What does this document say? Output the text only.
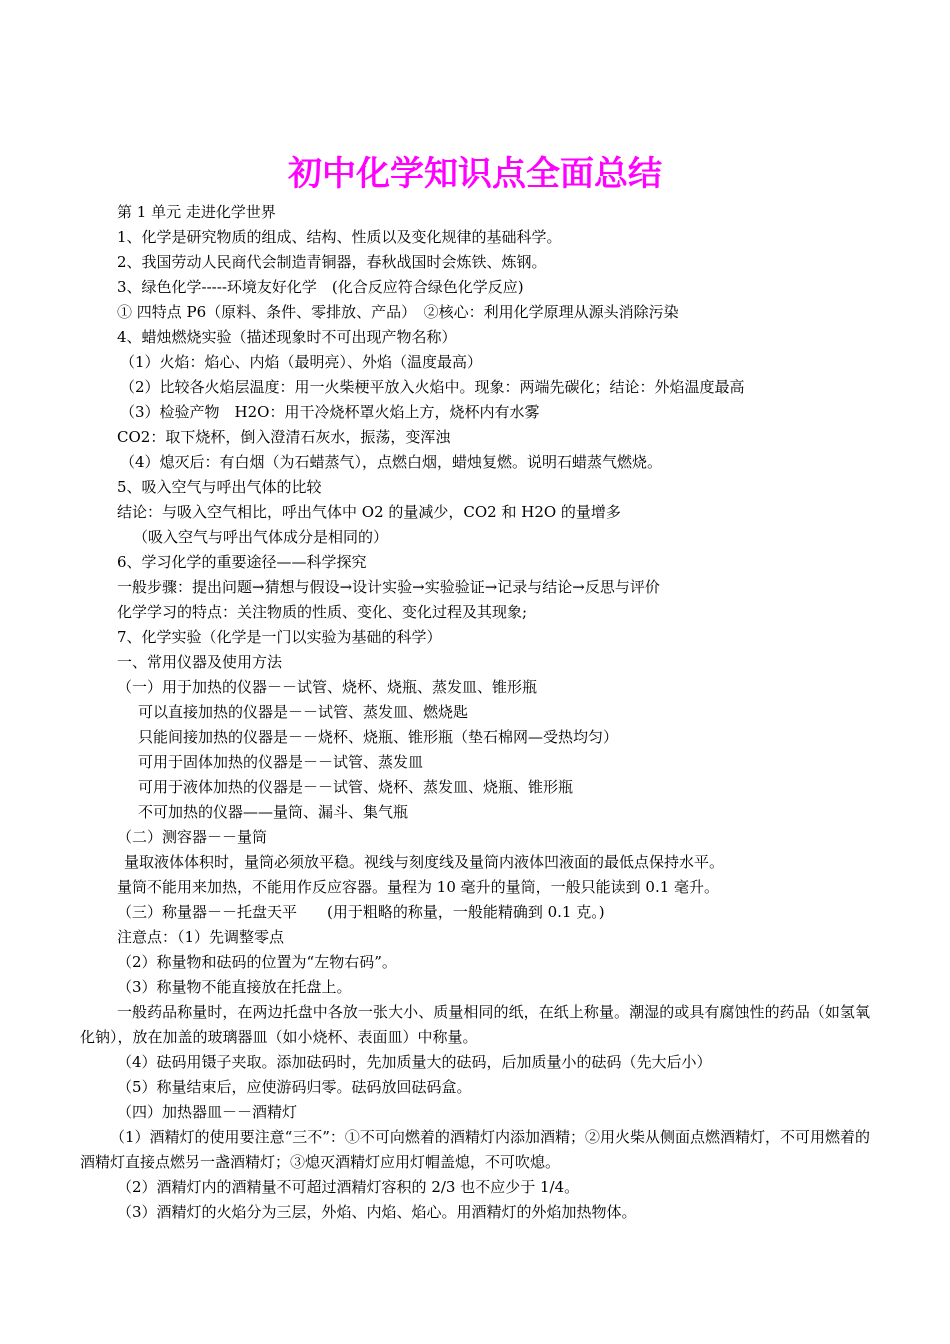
初中化学知识点全面总结
第 1 单元 走进化学世界
1、化学是研究物质的组成、结构、性质以及变化规律的基础科学。
2、我国劳动人民商代会制造青铜器，春秋战国时会炼铁、炼钢。
3、绿色化学-----环境友好化学　(化合反应符合绿色化学反应)
① 四特点 P6（原料、条件、零排放、产品）　②核心：利用化学原理从源头消除污染
4、蜡烛燃烧实验（描述现象时不可出现产物名称）
（1）火焰：焰心、内焰（最明亮）、外焰（温度最高）
（2）比较各火焰层温度：用一火柴梗平放入火焰中。现象：两端先碳化；结论：外焰温度最高
（3）检验产物　H2O：用干冷烧杯罩火焰上方，烧杯内有水雾
CO2：取下烧杯，倒入澄清石灰水，振荡，变浑浊
（4）熄灭后：有白烟（为石蜡蒸气），点燃白烟，蜡烛复燃。说明石蜡蒸气燃烧。
5、吸入空气与呼出气体的比较
结论：与吸入空气相比，呼出气体中 O2 的量减少，CO2 和 H2O 的量增多
（吸入空气与呼出气体成分是相同的）
6、学习化学的重要途径——科学探究
一般步骤：提出问题→猜想与假设→设计实验→实验验证→记录与结论→反思与评价
化学学习的特点：关注物质的性质、变化、变化过程及其现象;
7、化学实验（化学是一门以实验为基础的科学）
一、常用仪器及使用方法
（一）用于加热的仪器－－试管、烧杯、烧瓶、蒸发皿、锥形瓶
可以直接加热的仪器是－－试管、蒸发皿、燃烧匙
只能间接加热的仪器是－－烧杯、烧瓶、锥形瓶（垫石棉网—受热均匀）
可用于固体加热的仪器是－－试管、蒸发皿
可用于液体加热的仪器是－－试管、烧杯、蒸发皿、烧瓶、锥形瓶
不可加热的仪器——量筒、漏斗、集气瓶
（二）测容器－－量筒
量取液体体积时，量筒必须放平稳。视线与刻度线及量筒内液体凹液面的最低点保持水平。
量筒不能用来加热，不能用作反应容器。量程为 10 毫升的量筒，一般只能读到 0.1 毫升。
（三）称量器－－托盘天平　　(用于粗略的称量，一般能精确到 0.1 克。)
注意点：（1）先调整零点
（2）称量物和砝码的位置为“左物右码”。
（3）称量物不能直接放在托盘上。
一般药品称量时，在两边托盘中各放一张大小、质量相同的纸，在纸上称量。潮湿的或具有腐蚀性的药品（如氢氧化钠），放在加盖的玻璃器皿（如小烧杯、表面皿）中称量。
（4）砝码用镊子夹取。添加砝码时，先加质量大的砝码，后加质量小的砝码（先大后小）
（5）称量结束后，应使游码归零。砝码放回砝码盒。
（四）加热器皿－－酒精灯
（1）酒精灯的使用要注意“三不”：①不可向燃着的酒精灯内添加酒精；②用火柴从侧面点燃酒精灯，不可用燃着的酒精灯直接点燃另一盏酒精灯；③熄灭酒精灯应用灯帽盖熄，不可吹熄。
（2）酒精灯内的酒精量不可超过酒精灯容积的 2/3 也不应少于 1/4。
（3）酒精灯的火焰分为三层，外焰、内焰、焰心。用酒精灯的外焰加热物体。
